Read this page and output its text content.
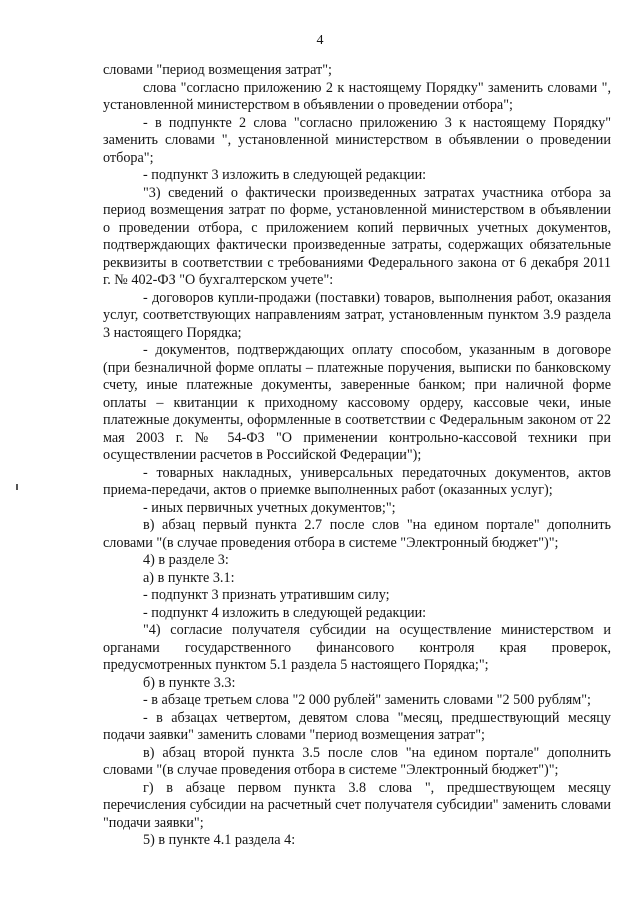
4

словами "период возмещения затрат";

слова "согласно приложению 2 к настоящему Порядку" заменить словами ", установленной министерством в объявлении о проведении отбора";

- в подпункте 2 слова "согласно приложению 3 к настоящему Порядку" заменить словами ", установленной министерством в объявлении о проведении отбора";

- подпункт 3 изложить в следующей редакции:

"3) сведений о фактически произведенных затратах участника отбора за период возмещения затрат по форме, установленной министерством в объявлении о проведении отбора, с приложением копий первичных учетных документов, подтверждающих фактически произведенные затраты, содержащих обязательные реквизиты в соответствии с требованиями Федерального закона от 6 декабря 2011 г. № 402-ФЗ "О бухгалтерском учете":

- договоров купли-продажи (поставки) товаров, выполнения работ, оказания услуг, соответствующих направлениям затрат, установленным пунктом 3.9 раздела 3 настоящего Порядка;

- документов, подтверждающих оплату способом, указанным в договоре (при безналичной форме оплаты – платежные поручения, выписки по банковскому счету, иные платежные документы, заверенные банком; при наличной форме оплаты – квитанции к приходному кассовому ордеру, кассовые чеки, иные платежные документы, оформленные в соответствии с Федеральным законом от 22 мая 2003 г. № 54-ФЗ "О применении контрольно-кассовой техники при осуществлении расчетов в Российской Федерации");

- товарных накладных, универсальных передаточных документов, актов приема-передачи, актов о приемке выполненных работ (оказанных услуг);

- иных первичных учетных документов;";

в) абзац первый пункта 2.7 после слов "на едином портале" дополнить словами "(в случае проведения отбора в системе "Электронный бюджет")";

4) в разделе 3:

а) в пункте 3.1:

- подпункт 3 признать утратившим силу;

- подпункт 4 изложить в следующей редакции:

"4) согласие получателя субсидии на осуществление министерством и органами государственного финансового контроля края проверок, предусмотренных пунктом 5.1 раздела 5 настоящего Порядка;";

б) в пункте 3.3:

- в абзаце третьем слова "2 000 рублей" заменить словами "2 500 рублям";

- в абзацах четвертом, девятом слова "месяц, предшествующий месяцу подачи заявки" заменить словами "период возмещения затрат";

в) абзац второй пункта 3.5 после слов "на едином портале" дополнить словами "(в случае проведения отбора в системе "Электронный бюджет")";

г) в абзаце первом пункта 3.8 слова ", предшествующем месяцу перечисления субсидии на расчетный счет получателя субсидии" заменить словами "подачи заявки";

5) в пункте 4.1 раздела 4:
